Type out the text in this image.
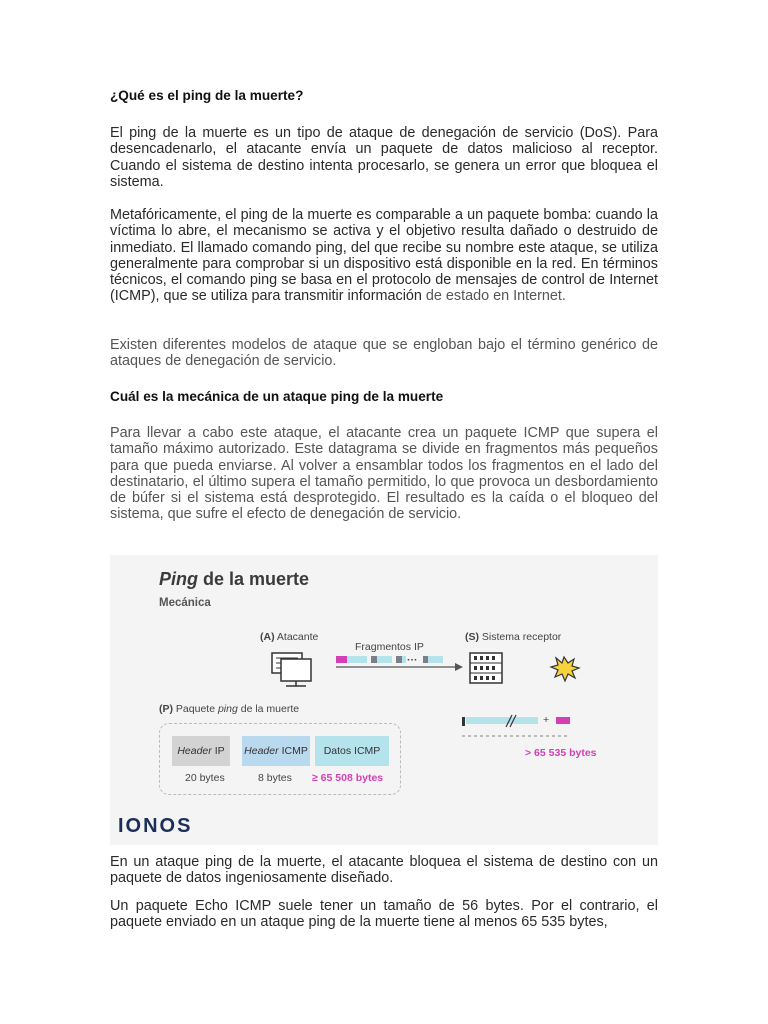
¿Qué es el ping de la muerte?

El ping de la muerte es un tipo de ataque de denegación de servicio (DoS). Para desencadenarlo, el atacante envía un paquete de datos malicioso al receptor. Cuando el sistema de destino intenta procesarlo, se genera un error que bloquea el sistema.

Metafóricamente, el ping de la muerte es comparable a un paquete bomba: cuando la víctima lo abre, el mecanismo se activa y el objetivo resulta dañado o destruido de inmediato. El llamado comando ping, del que recibe su nombre este ataque, se utiliza generalmente para comprobar si un dispositivo está disponible en la red. En términos técnicos, el comando ping se basa en el protocolo de mensajes de control de Internet (ICMP), que se utiliza para transmitir información de estado en Internet.

Existen diferentes modelos de ataque que se engloban bajo el término genérico de ataques de denegación de servicio.

Cuál es la mecánica de un ataque ping de la muerte

Para llevar a cabo este ataque, el atacante crea un paquete ICMP que supera el tamaño máximo autorizado. Este datagrama se divide en fragmentos más pequeños para que pueda enviarse. Al volver a ensamblar todos los fragmentos en el lado del destinatario, el último supera el tamaño permitido, lo que provoca un desbordamiento de búfer si el sistema está desprotegido. El resultado es la caída o el bloqueo del sistema, que sufre el efecto de denegación de servicio.

En un ataque ping de la muerte, el atacante bloquea el sistema de destino con un paquete de datos ingeniosamente diseñado.

Un paquete Echo ICMP suele tener un tamaño de 56 bytes. Por el contrario, el paquete enviado en un ataque ping de la muerte tiene al menos 65 535 bytes,

Ping de la muerte
Mecánica
(A) Atacante
Fragmentos IP
···
(S) Sistema receptor
(P) Paquete ping de la muerte
+
Header IP Header ICMP Datos ICMP
20 bytes	8 bytes ≥ 65 508 bytes
> 65 535 bytes
IONOS
